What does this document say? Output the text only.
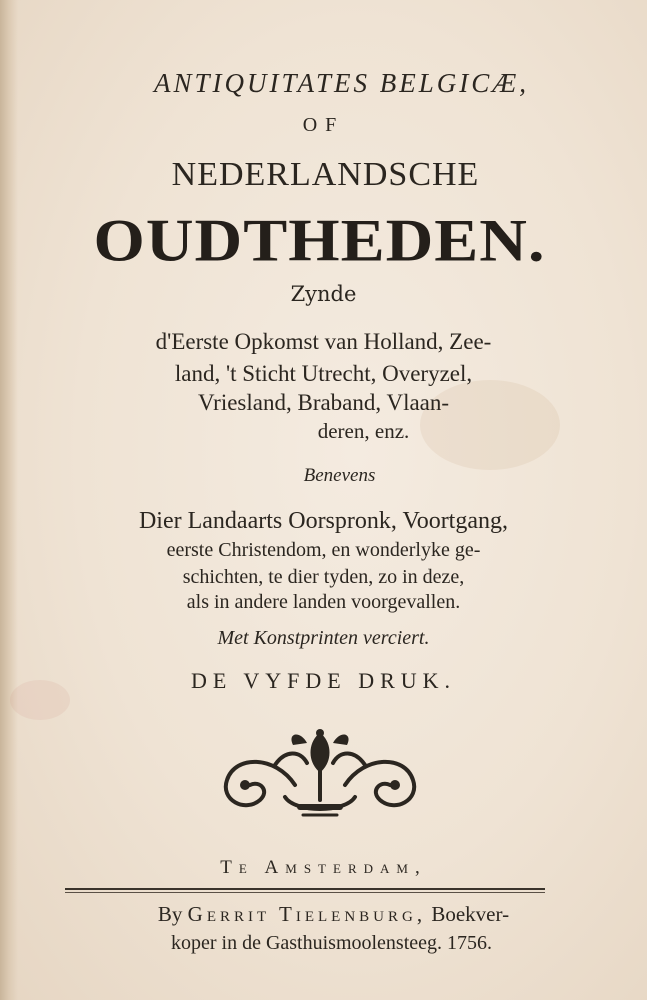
ANTIQUITATES BELGICÆ,
OF
NEDERLANDSCHE
OUDTHEDEN.
Zynde
d'Eerste Opkomst van Holland, Zee-
land, 't Sticht Utrecht, Overyzel,
Vriesland, Braband, Vlaan-
deren, enz.
Benevens
Dier Landaarts Oorspronk, Voortgang,
eerste Christendom, en wonderlyke ge-
schichten, te dier tyden, zo in deze,
als in andere landen voorgevallen.
Met Konstprinten verciert.
DE VYFDE DRUK.
Te Amsterdam,
By Gerrit Tielenburg, Boekver-
koper in de Gasthuismoolensteeg. 1756.
